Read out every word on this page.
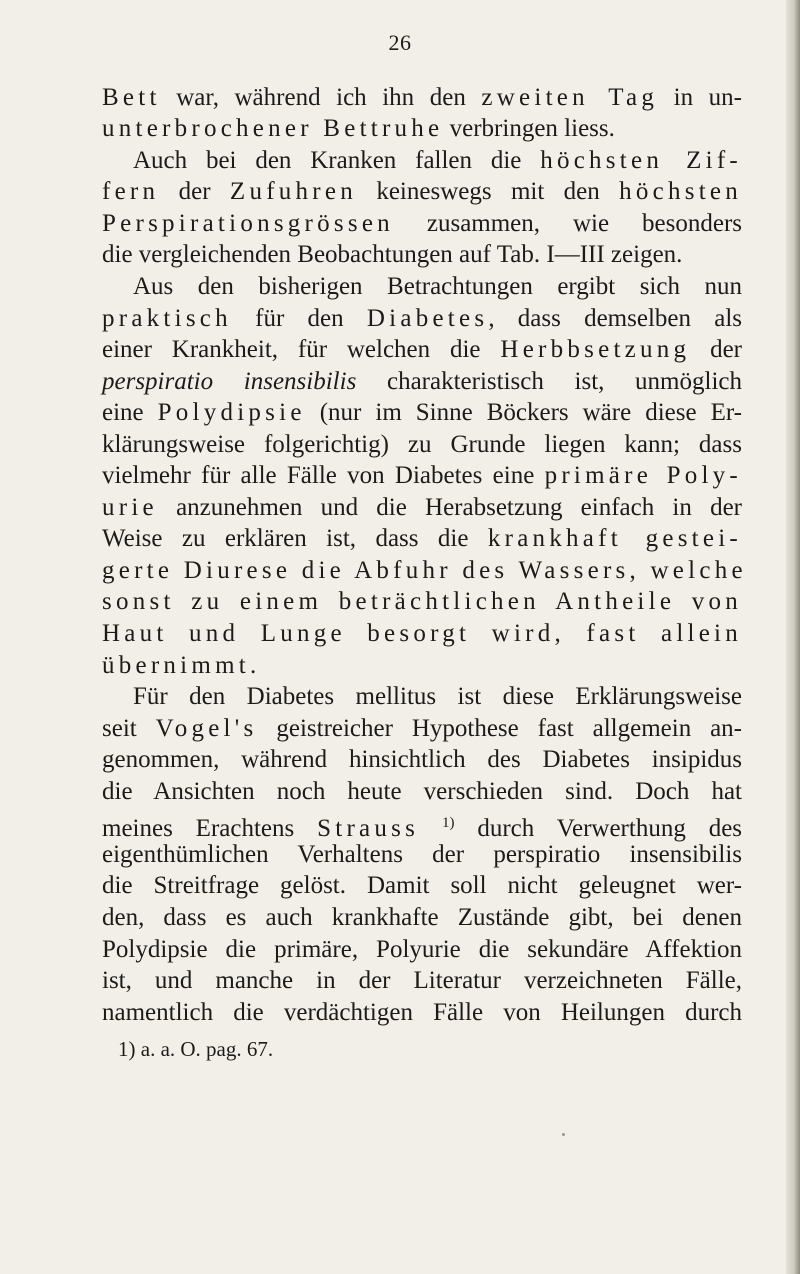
26
Bett war, während ich ihn den zweiten Tag in un-
unterbrochener Bettruhe verbringen liess.
Auch bei den Kranken fallen die höchsten Zif-
fern der Zufuhren keineswegs mit den höchsten
Perspirationsgrössen zusammen, wie besonders
die vergleichenden Beobachtungen auf Tab. I—III zeigen.
Aus den bisherigen Betrachtungen ergibt sich nun
praktisch für den Diabetes, dass demselben als
einer Krankheit, für welchen die Herbbsetzung der
perspiratio insensibilis charakteristisch ist, unmöglich
eine Polydipsie (nur im Sinne Böckers wäre diese Er-
klärungsweise folgerichtig) zu Grunde liegen kann; dass
vielmehr für alle Fälle von Diabetes eine primäre Poly-
urie anzunehmen und die Herabsetzung einfach in der
Weise zu erklären ist, dass die krankhaft gestei-
gerte Diurese die Abfuhr des Wassers, welche
sonst zu einem beträchtlichen Antheile von
Haut und Lunge besorgt wird, fast allein
übernimmt.
Für den Diabetes mellitus ist diese Erklärungsweise
seit Vogel's geistreicher Hypothese fast allgemein an-
genommen, während hinsichtlich des Diabetes insipidus
die Ansichten noch heute verschieden sind. Doch hat
meines Erachtens Strauss $^{1)}$ durch Verwerthung des
eigenthümlichen Verhaltens der perspiratio insensibilis
die Streitfrage gelöst. Damit soll nicht geleugnet wer-
den, dass es auch krankhafte Zustände gibt, bei denen
Polydipsie die primäre, Polyurie die sekundäre Affektion
ist, und manche in der Literatur verzeichneten Fälle,
namentlich die verdächtigen Fälle von Heilungen durch
1) a. a. O. pag. 67.
